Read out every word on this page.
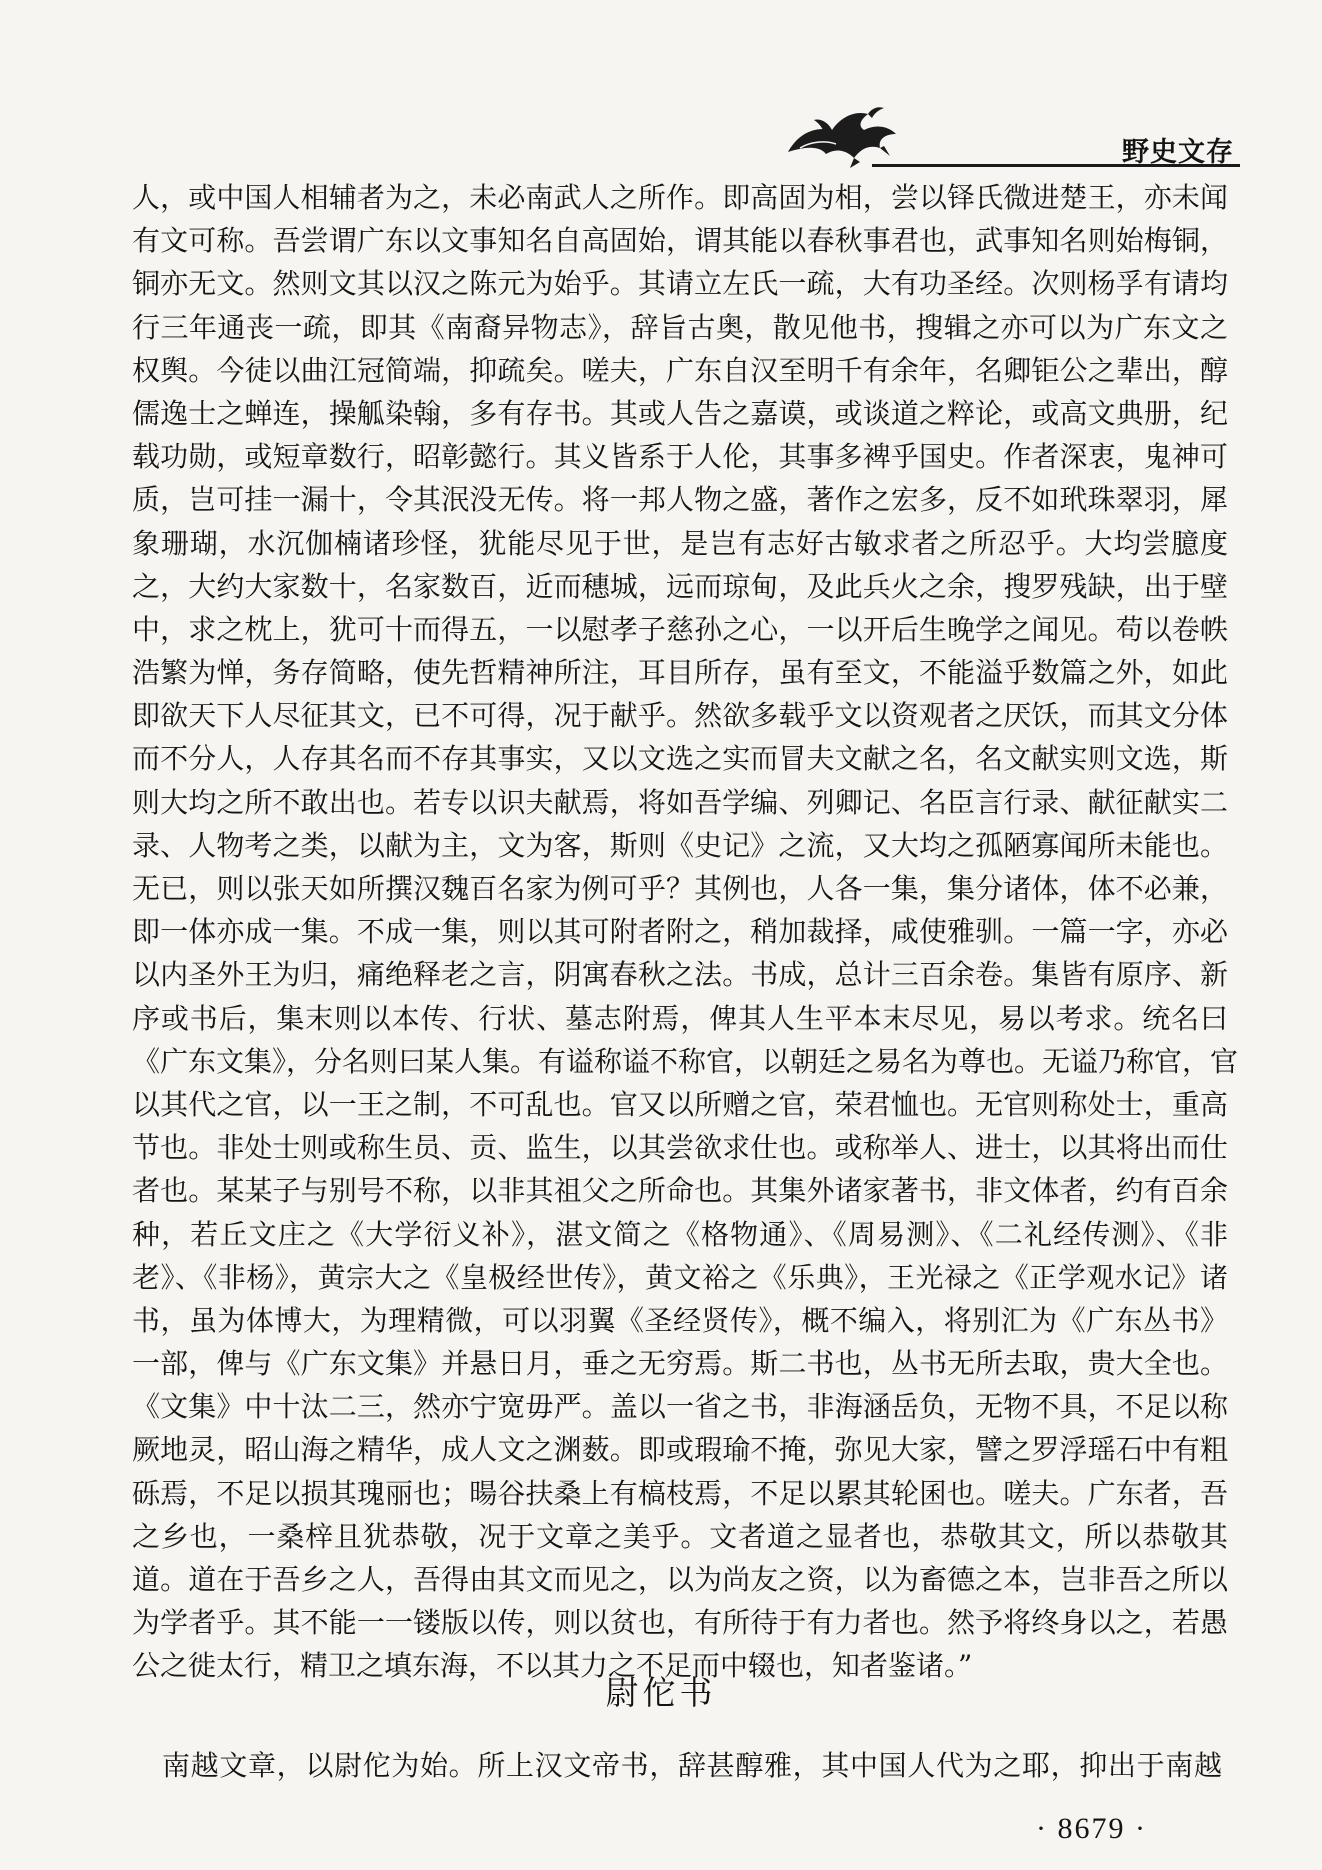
野史文存
人，或中国人相辅者为之，未必南武人之所作。即高固为相，尝以铎氏微进楚王，亦未闻
有文可称。吾尝谓广东以文事知名自高固始，谓其能以春秋事君也，武事知名则始梅铜，
铜亦无文。然则文其以汉之陈元为始乎。其请立左氏一疏，大有功圣经。次则杨孚有请均
行三年通丧一疏，即其《南裔异物志》，辞旨古奥，散见他书，搜辑之亦可以为广东文之
权舆。今徒以曲江冠简端，抑疏矣。嗟夫，广东自汉至明千有余年，名卿钜公之辈出，醇
儒逸士之蝉连，操觚染翰，多有存书。其或人告之嘉谟，或谈道之粹论，或高文典册，纪
载功勋，或短章数行，昭彰懿行。其义皆系于人伦，其事多裨乎国史。作者深衷，鬼神可
质，岂可挂一漏十，令其泯没无传。将一邦人物之盛，著作之宏多，反不如玳珠翠羽，犀
象珊瑚，水沉伽楠诸珍怪，犹能尽见于世，是岂有志好古敏求者之所忍乎。大均尝臆度
之，大约大家数十，名家数百，近而穗城，远而琼甸，及此兵火之余，搜罗残缺，出于壁
中，求之枕上，犹可十而得五，一以慰孝子慈孙之心，一以开后生晚学之闻见。苟以卷帙
浩繁为惮，务存简略，使先哲精神所注，耳目所存，虽有至文，不能溢乎数篇之外，如此
即欲天下人尽征其文，已不可得，况于献乎。然欲多载乎文以资观者之厌饫，而其文分体
而不分人，人存其名而不存其事实，又以文选之实而冒夫文献之名，名文献实则文选，斯
则大均之所不敢出也。若专以识夫献焉，将如吾学编、列卿记、名臣言行录、献征献实二
录、人物考之类，以献为主，文为客，斯则《史记》之流，又大均之孤陋寡闻所未能也。
无已，则以张天如所撰汉魏百名家为例可乎？其例也，人各一集，集分诸体，体不必兼，
即一体亦成一集。不成一集，则以其可附者附之，稍加裁择，咸使雅驯。一篇一字，亦必
以内圣外王为归，痛绝释老之言，阴寓春秋之法。书成，总计三百余卷。集皆有原序、新
序或书后，集末则以本传、行状、墓志附焉，俾其人生平本末尽见，易以考求。统名曰
《广东文集》，分名则曰某人集。有谥称谥不称官，以朝廷之易名为尊也。无谥乃称官，官
以其代之官，以一王之制，不可乱也。官又以所赠之官，荣君恤也。无官则称处士，重高
节也。非处士则或称生员、贡、监生，以其尝欲求仕也。或称举人、进士，以其将出而仕
者也。某某子与别号不称，以非其祖父之所命也。其集外诸家著书，非文体者，约有百余
种，若丘文庄之《大学衍义补》，湛文简之《格物通》、《周易测》、《二礼经传测》、《非
老》、《非杨》，黄宗大之《皇极经世传》，黄文裕之《乐典》，王光禄之《正学观水记》诸
书，虽为体博大，为理精微，可以羽翼《圣经贤传》，概不编入，将别汇为《广东丛书》
一部，俾与《广东文集》并悬日月，垂之无穷焉。斯二书也，丛书无所去取，贵大全也。
《文集》中十汰二三，然亦宁宽毋严。盖以一省之书，非海涵岳负，无物不具，不足以称
厥地灵，昭山海之精华，成人文之渊薮。即或瑕瑜不掩，弥见大家，譬之罗浮瑶石中有粗
砾焉，不足以损其瑰丽也；暘谷扶桑上有槁枝焉，不足以累其轮囷也。嗟夫。广东者，吾
之乡也，一桑梓且犹恭敬，况于文章之美乎。文者道之显者也，恭敬其文，所以恭敬其
道。道在于吾乡之人，吾得由其文而见之，以为尚友之资，以为畜德之本，岂非吾之所以
为学者乎。其不能一一镂版以传，则以贫也，有所待于有力者也。然予将终身以之，若愚
公之徙太行，精卫之填东海，不以其力之不足而中辍也，知者鉴诸。”
尉佗书
南越文章，以尉佗为始。所上汉文帝书，辞甚醇雅，其中国人代为之耶，抑出于南越
· 8679 ·
